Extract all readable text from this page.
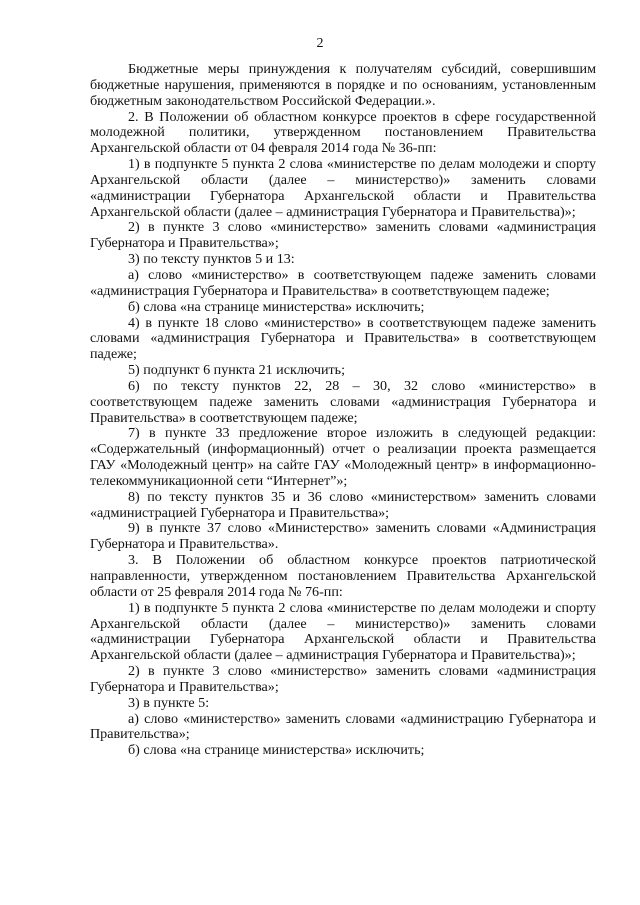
2

Бюджетные меры принуждения к получателям субсидий, совершившим бюджетные нарушения, применяются в порядке и по основаниям, установленным бюджетным законодательством Российской Федерации.».

2. В Положении об областном конкурсе проектов в сфере государственной молодежной политики, утвержденном постановлением Правительства Архангельской области от 04 февраля 2014 года № 36-пп:

1) в подпункте 5 пункта 2 слова «министерстве по делам молодежи и спорту Архангельской области (далее – министерство)» заменить словами «администрации Губернатора Архангельской области и Правительства Архангельской области (далее – администрация Губернатора и Правительства)»;

2) в пункте 3 слово «министерство» заменить словами «администрация Губернатора и Правительства»;

3) по тексту пунктов 5 и 13:

а) слово «министерство» в соответствующем падеже заменить словами «администрация Губернатора и Правительства» в соответствующем падеже;

б) слова «на странице министерства» исключить;

4) в пункте 18 слово «министерство» в соответствующем падеже заменить словами «администрация Губернатора и Правительства» в соответствующем падеже;

5) подпункт 6 пункта 21 исключить;

6) по тексту пунктов 22, 28 – 30, 32 слово «министерство» в соответствующем падеже заменить словами «администрация Губернатора и Правительства» в соответствующем падеже;

7) в пункте 33 предложение второе изложить в следующей редакции: «Содержательный (информационный) отчет о реализации проекта размещается ГАУ «Молодежный центр» на сайте ГАУ «Молодежный центр» в информационно-телекоммуникационной сети “Интернет”»;

8) по тексту пунктов 35 и 36 слово «министерством» заменить словами «администрацией Губернатора и Правительства»;

9) в пункте 37 слово «Министерство» заменить словами «Администрация Губернатора и Правительства».

3. В Положении об областном конкурсе проектов патриотической направленности, утвержденном постановлением Правительства Архангельской области от 25 февраля 2014 года № 76-пп:

1) в подпункте 5 пункта 2 слова «министерстве по делам молодежи и спорту Архангельской области (далее – министерство)» заменить словами «администрации Губернатора Архангельской области и Правительства Архангельской области (далее – администрация Губернатора и Правительства)»;

2) в пункте 3 слово «министерство» заменить словами «администрация Губернатора и Правительства»;

3) в пункте 5:

а) слово «министерство» заменить словами «администрацию Губернатора и Правительства»;

б) слова «на странице министерства» исключить;
